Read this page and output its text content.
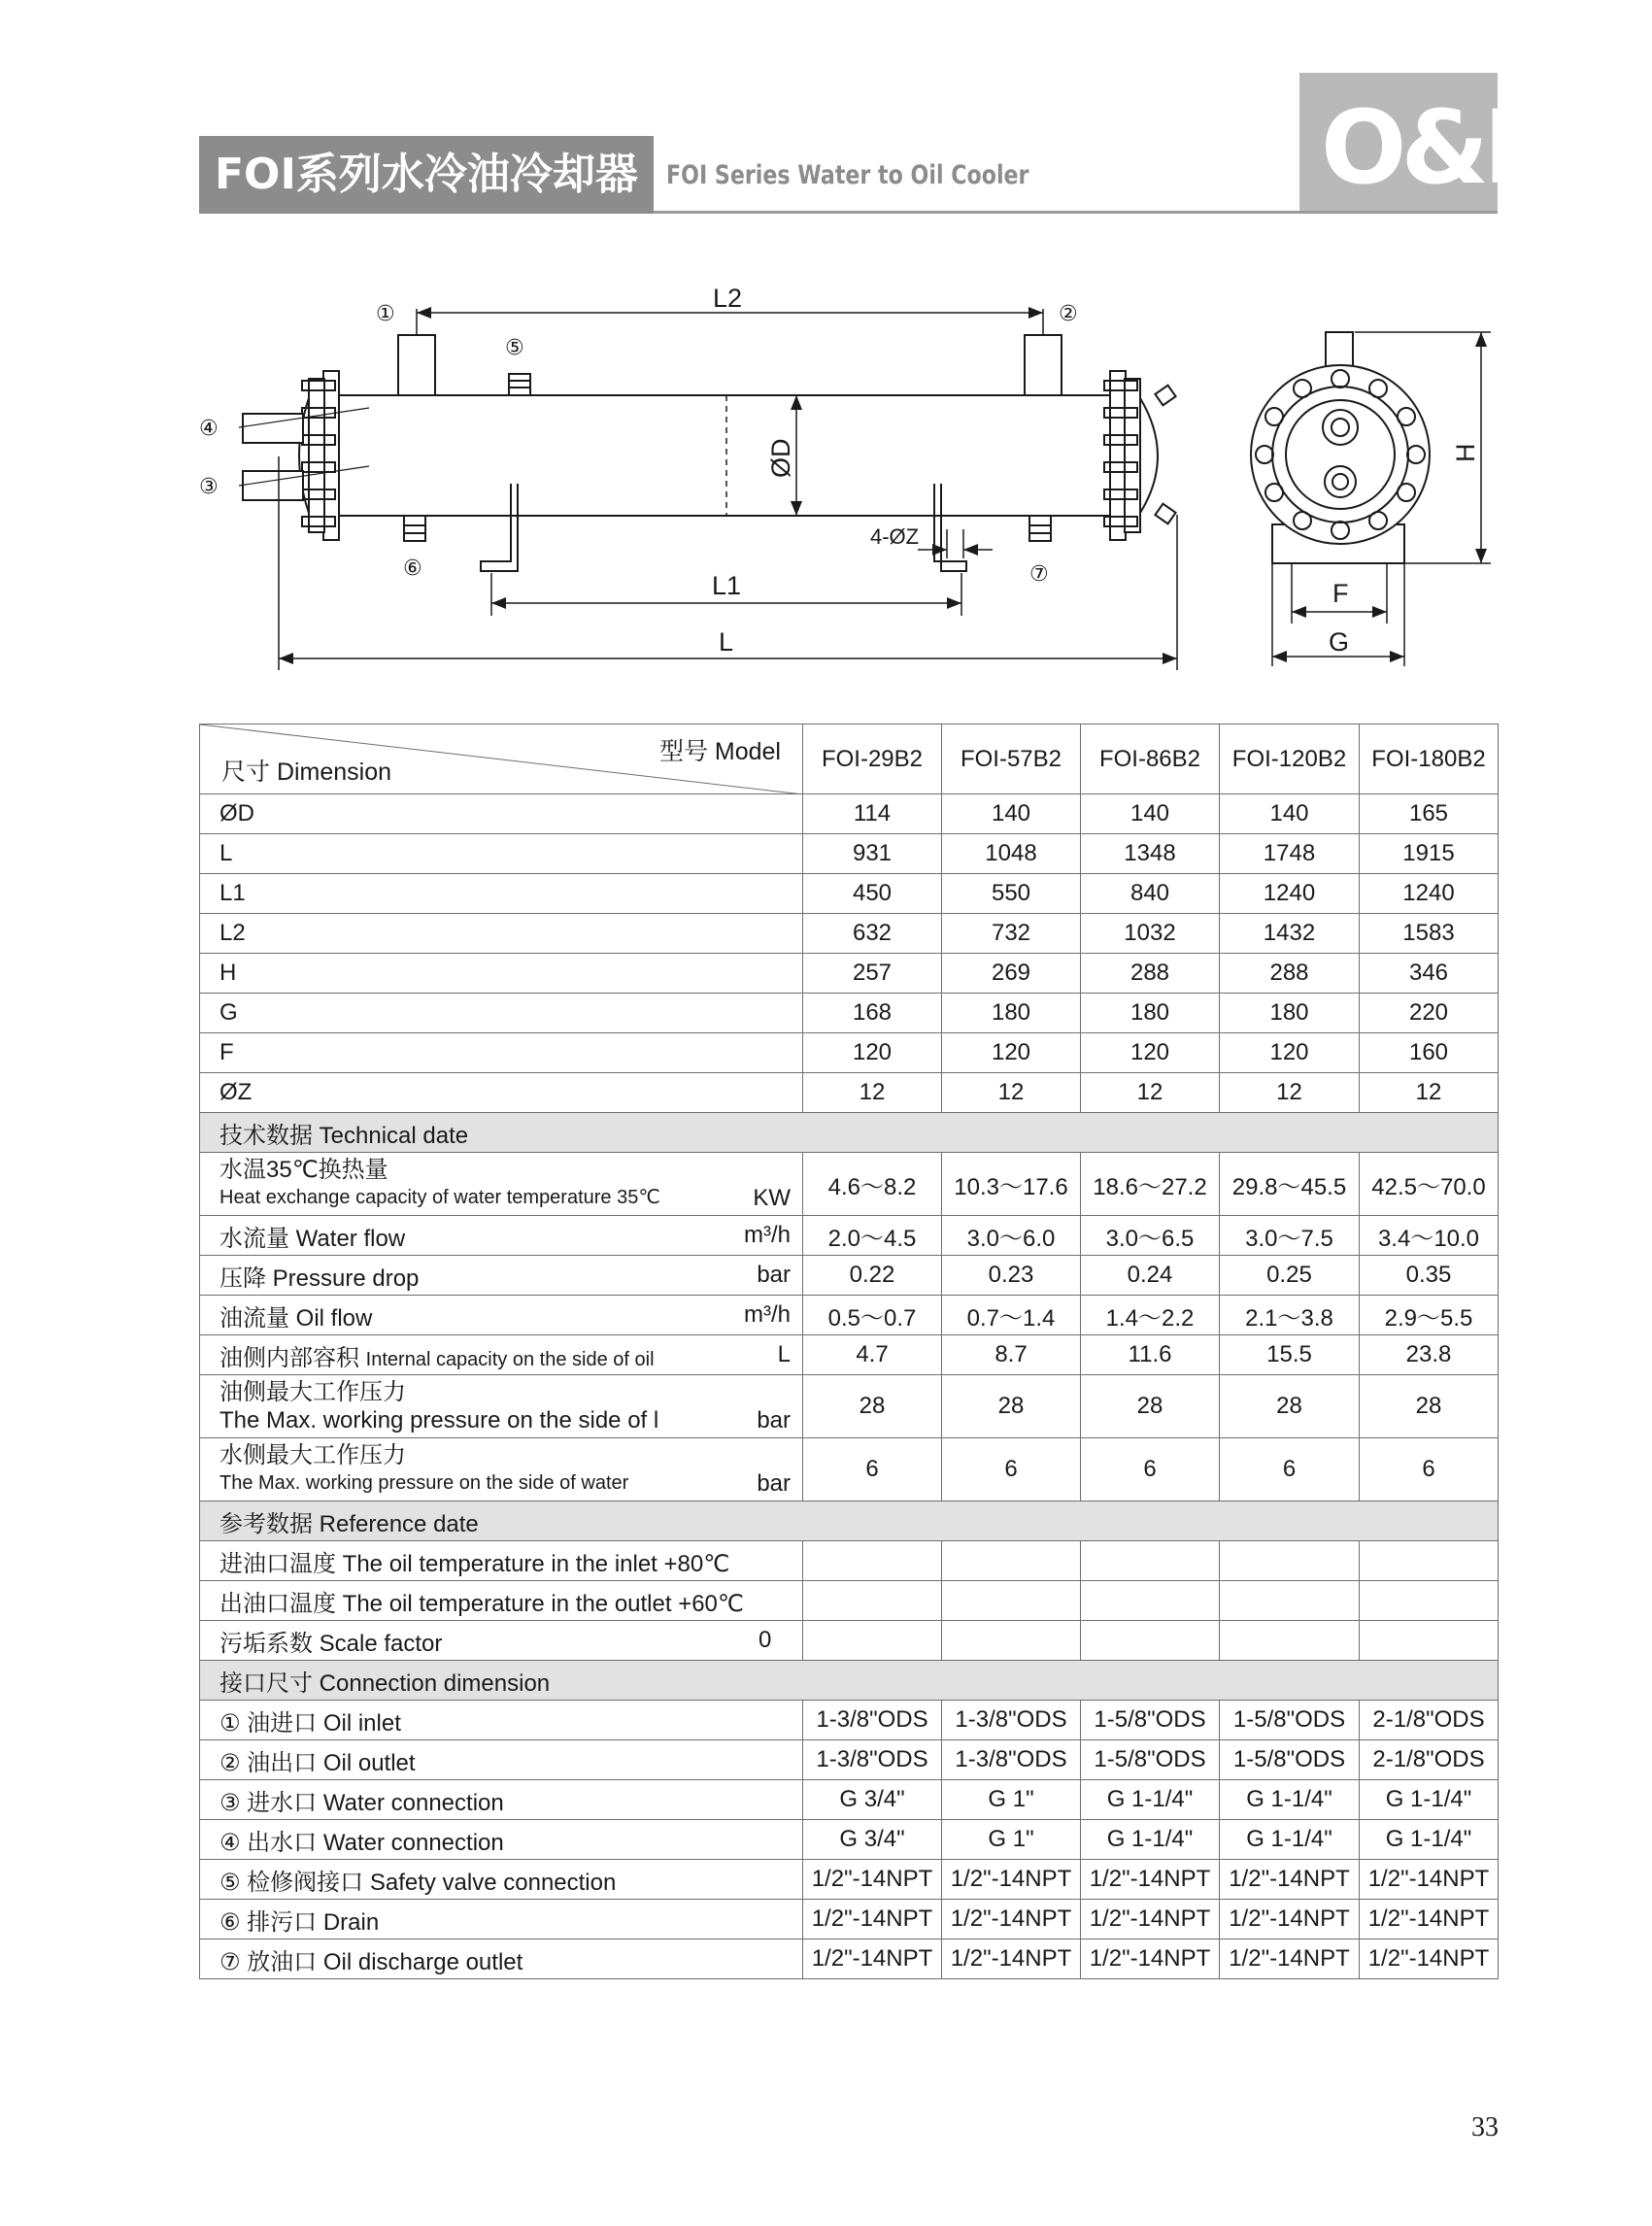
O&F
FOI系列水冷油冷却器	FOI Series Water to Oil Cooler
①	②
⑤
④
③
⑥	⑦
L2
L1
L
ØD
4-ØZ
H
F
G
型号 Model
尺寸 Dimension	FOI-29B2	FOI-57B2	FOI-86B2	FOI-120B2	FOI-180B2
ØD	114	140	140	140	165
L	931	1048	1348	1748	1915
L1	450	550	840	1240	1240
L2	632	732	1032	1432	1583
H	257	269	288	288	346
G	168	180	180	180	220
F	120	120	120	120	160
ØZ	12	12	12	12	12
技术数据 Technical date					

水温35℃换热量
Heat exchange capacity of water temperature 35℃ KW	4.6～8.2	10.3～17.6	18.6～27.2	29.8～45.5	42.5～70.0

水流量 Water flow m³/h	2.0～4.5	3.0～6.0	3.0～6.5	3.0～7.5	3.4～10.0

压降 Pressure drop bar	0.22	0.23	0.24	0.25	0.35

油流量 Oil flow m³/h	0.5～0.7	0.7～1.4	1.4～2.2	2.1～3.8	2.9～5.5

油侧内部容积 Internal capacity on the side of oil L	4.7	8.7	11.6	15.5	23.8

油侧最大工作压力
The Max. working pressure on the side of l bar	28	28	28	28	28

水侧最大工作压力
The Max. working pressure on the side of water bar	6	6	6	6	6
参考数据 Reference date					
进油口温度 The oil temperature in the inlet +80℃					
出油口温度 The oil temperature in the outlet +60℃					

污垢系数 Scale factor 0					

接口尺寸 Connection dimension					
① 油进口 Oil inlet	1-3/8"ODS	1-3/8"ODS	1-5/8"ODS	1-5/8"ODS	2-1/8"ODS
② 油出口 Oil outlet	1-3/8"ODS	1-3/8"ODS	1-5/8"ODS	1-5/8"ODS	2-1/8"ODS
③ 进水口 Water connection	G 3/4"	G 1"	G 1-1/4"	G 1-1/4"	G 1-1/4"
④ 出水口 Water connection	G 3/4"	G 1"	G 1-1/4"	G 1-1/4"	G 1-1/4"
⑤ 检修阀接口 Safety valve connection	1/2"-14NPT	1/2"-14NPT	1/2"-14NPT	1/2"-14NPT	1/2"-14NPT
⑥ 排污口 Drain	1/2"-14NPT	1/2"-14NPT	1/2"-14NPT	1/2"-14NPT	1/2"-14NPT
⑦ 放油口 Oil discharge outlet	1/2"-14NPT	1/2"-14NPT	1/2"-14NPT	1/2"-14NPT	1/2"-14NPT
33
